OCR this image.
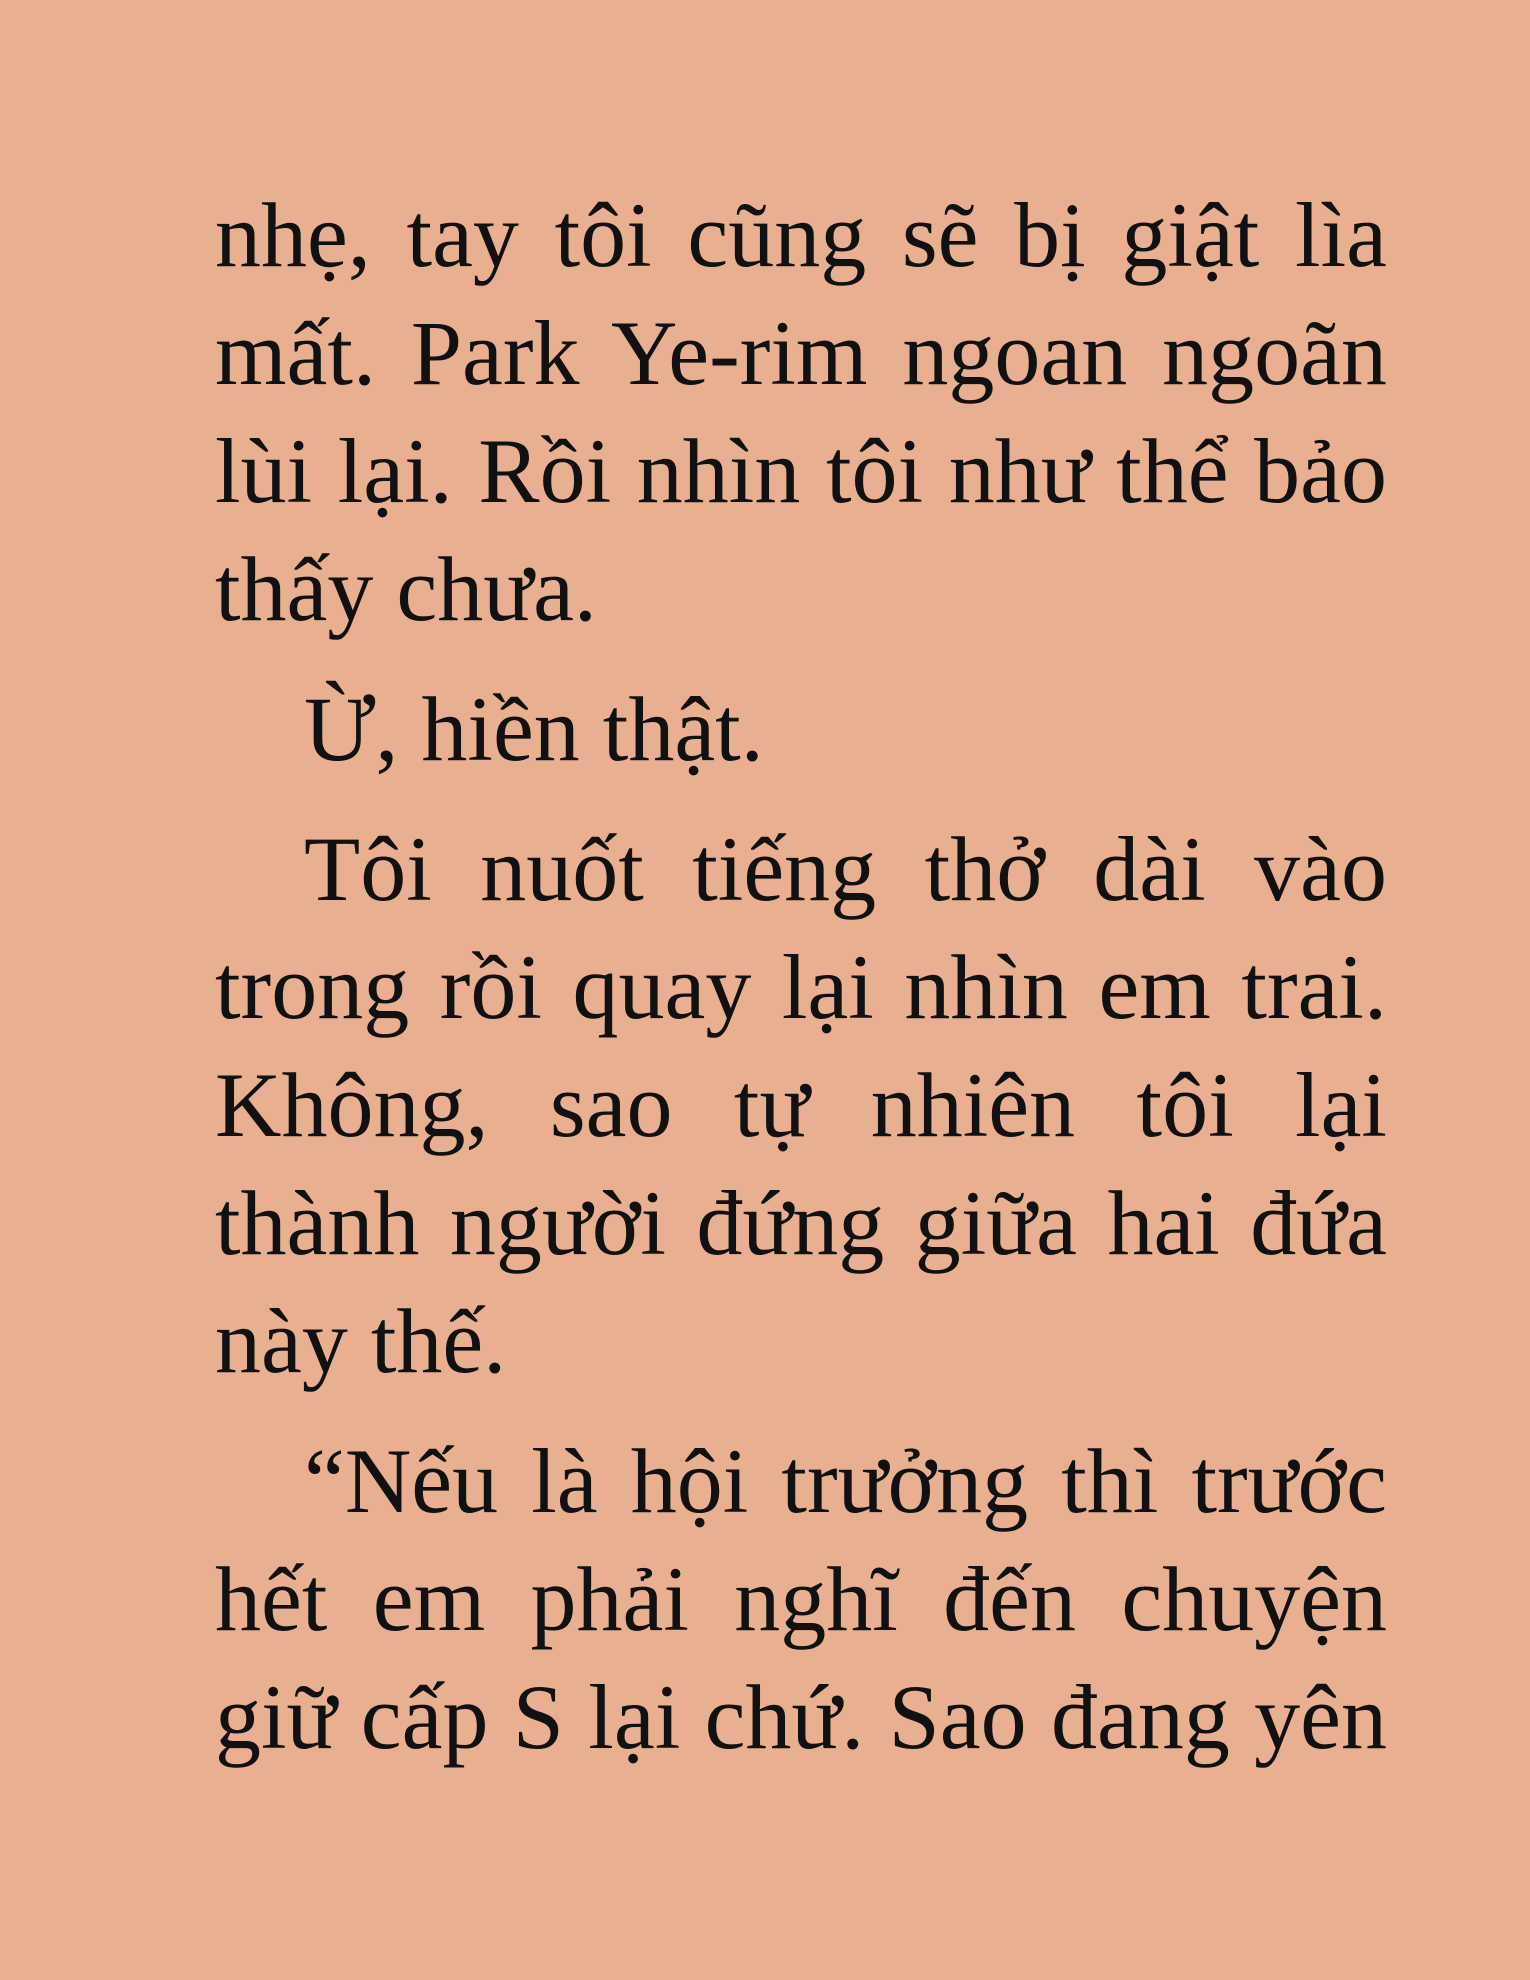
nhẹ, tay tôi cũng sẽ bị giật lìa
mất. Park Ye-rim ngoan ngoãn
lùi lại. Rồi nhìn tôi như thể bảo
thấy chưa.
Ừ, hiền thật.
Tôi nuốt tiếng thở dài vào
trong rồi quay lại nhìn em trai.
Không, sao tự nhiên tôi lại
thành người đứng giữa hai đứa
này thế.
“Nếu là hội trưởng thì trước
hết em phải nghĩ đến chuyện
giữ cấp S lại chứ. Sao đang yên
